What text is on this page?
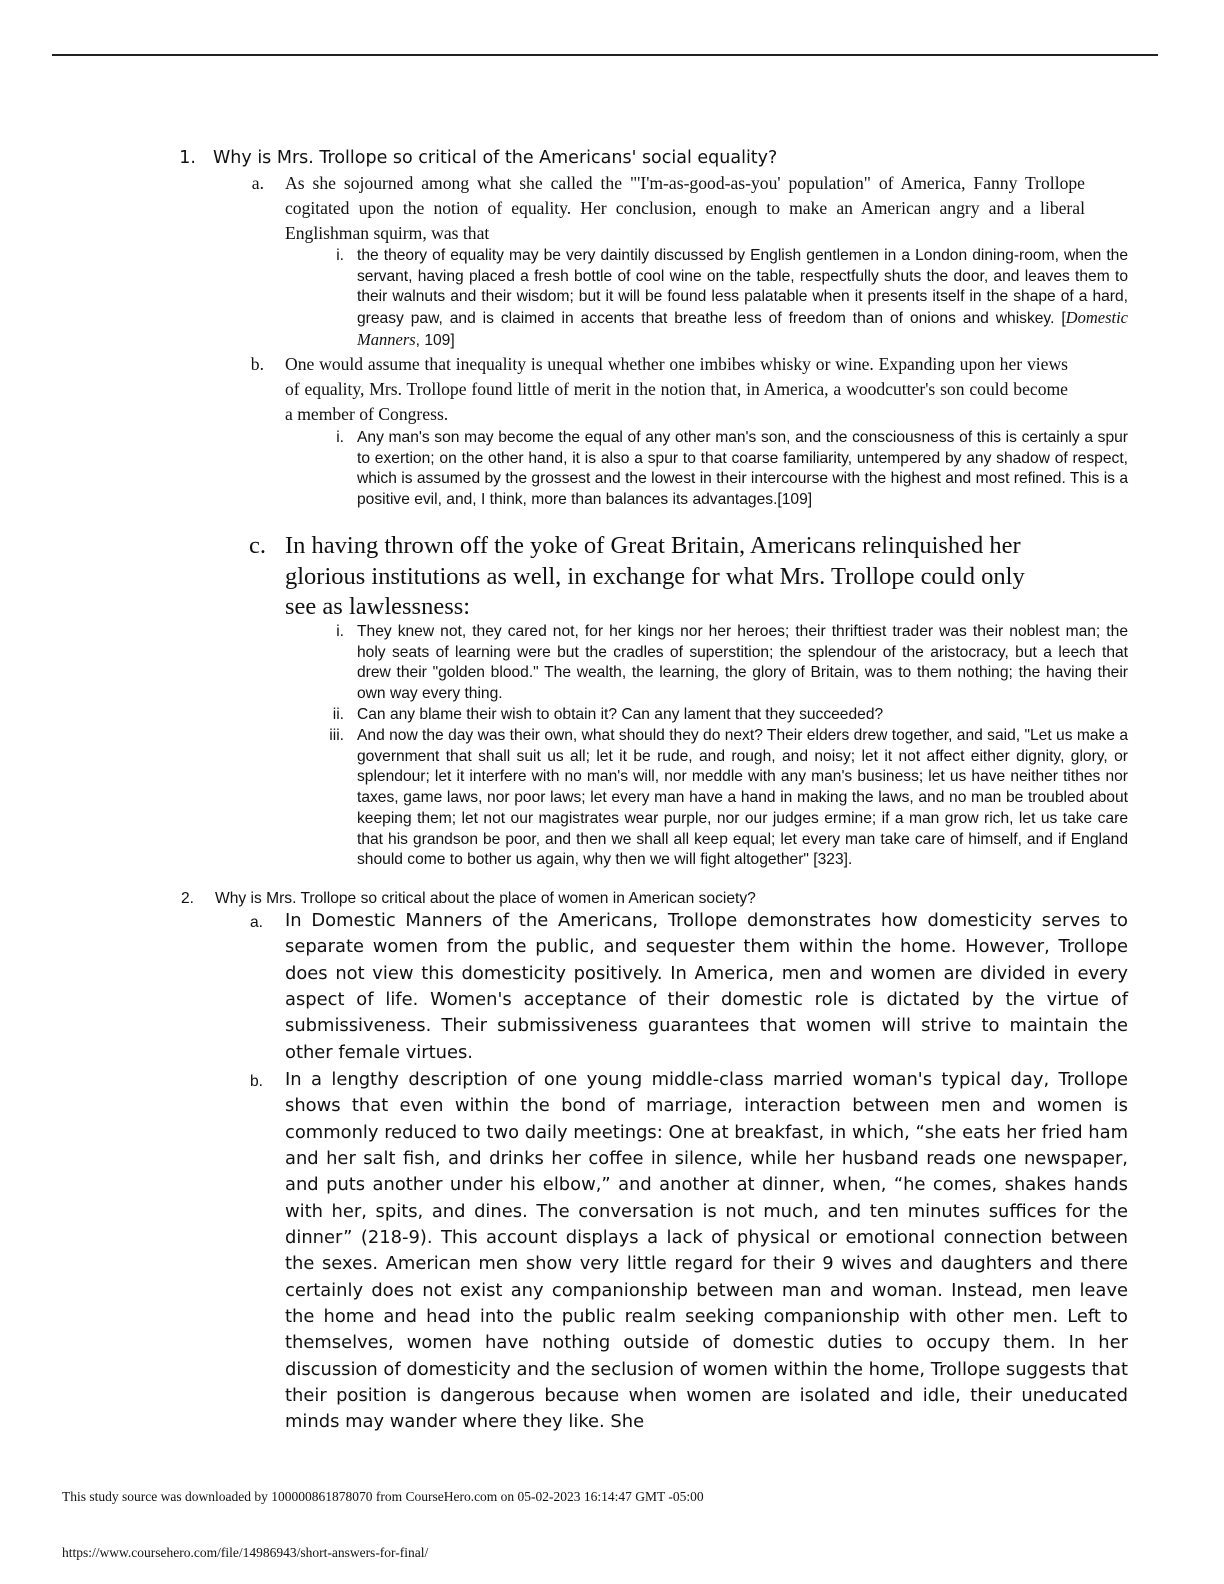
1. Why is Mrs. Trollope so critical of the Americans' social equality?
a. As she sojourned among what she called the "'I'm-as-good-as-you' population" of America, Fanny Trollope cogitated upon the notion of equality. Her conclusion, enough to make an American angry and a liberal Englishman squirm, was that
i. the theory of equality may be very daintily discussed by English gentlemen in a London dining-room, when the servant, having placed a fresh bottle of cool wine on the table, respectfully shuts the door, and leaves them to their walnuts and their wisdom; but it will be found less palatable when it presents itself in the shape of a hard, greasy paw, and is claimed in accents that breathe less of freedom than of onions and whiskey. [Domestic Manners, 109]
b. One would assume that inequality is unequal whether one imbibes whisky or wine. Expanding upon her views of equality, Mrs. Trollope found little of merit in the notion that, in America, a woodcutter's son could become a member of Congress.
i. Any man's son may become the equal of any other man's son, and the consciousness of this is certainly a spur to exertion; on the other hand, it is also a spur to that coarse familiarity, untempered by any shadow of respect, which is assumed by the grossest and the lowest in their intercourse with the highest and most refined. This is a positive evil, and, I think, more than balances its advantages.[109]
c. In having thrown off the yoke of Great Britain, Americans relinquished her glorious institutions as well, in exchange for what Mrs. Trollope could only see as lawlessness:
i. They knew not, they cared not, for her kings nor her heroes; their thriftiest trader was their noblest man; the holy seats of learning were but the cradles of superstition; the splendour of the aristocracy, but a leech that drew their "golden blood." The wealth, the learning, the glory of Britain, was to them nothing; the having their own way every thing.
ii. Can any blame their wish to obtain it? Can any lament that they succeeded?
iii. And now the day was their own, what should they do next? Their elders drew together, and said, "Let us make a government that shall suit us all; let it be rude, and rough, and noisy; let it not affect either dignity, glory, or splendour; let it interfere with no man's will, nor meddle with any man's business; let us have neither tithes nor taxes, game laws, nor poor laws; let every man have a hand in making the laws, and no man be troubled about keeping them; let not our magistrates wear purple, nor our judges ermine; if a man grow rich, let us take care that his grandson be poor, and then we shall all keep equal; let every man take care of himself, and if England should come to bother us again, why then we will fight altogether" [323].
2. Why is Mrs. Trollope so critical about the place of women in American society?
a. In Domestic Manners of the Americans, Trollope demonstrates how domesticity serves to separate women from the public, and sequester them within the home. However, Trollope does not view this domesticity positively. In America, men and women are divided in every aspect of life. Women's acceptance of their domestic role is dictated by the virtue of submissiveness. Their submissiveness guarantees that women will strive to maintain the other female virtues.
b. In a lengthy description of one young middle-class married woman's typical day, Trollope shows that even within the bond of marriage, interaction between men and women is commonly reduced to two daily meetings: One at breakfast, in which, “she eats her fried ham and her salt fish, and drinks her coffee in silence, while her husband reads one newspaper, and puts another under his elbow,” and another at dinner, when, “he comes, shakes hands with her, spits, and dines. The conversation is not much, and ten minutes suffices for the dinner” (218-9). This account displays a lack of physical or emotional connection between the sexes. American men show very little regard for their 9 wives and daughters and there certainly does not exist any companionship between man and woman. Instead, men leave the home and head into the public realm seeking companionship with other men. Left to themselves, women have nothing outside of domestic duties to occupy them. In her discussion of domesticity and the seclusion of women within the home, Trollope suggests that their position is dangerous because when women are isolated and idle, their uneducated minds may wander where they like. She
This study source was downloaded by 100000861878070 from CourseHero.com on 05-02-2023 16:14:47 GMT -05:00
https://www.coursehero.com/file/14986943/short-answers-for-final/
